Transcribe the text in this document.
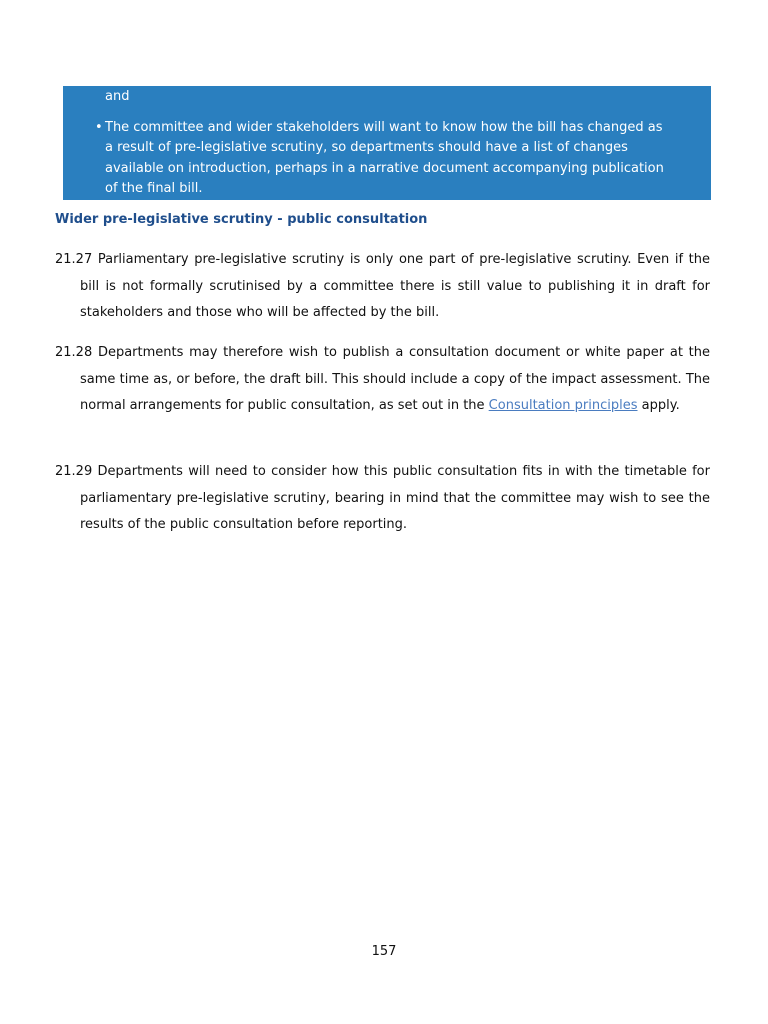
and
• The committee and wider stakeholders will want to know how the bill has changed as a result of pre-legislative scrutiny, so departments should have a list of changes available on introduction, perhaps in a narrative document accompanying publication of the final bill.
Wider pre-legislative scrutiny - public consultation
21.27 Parliamentary pre-legislative scrutiny is only one part of pre-legislative scrutiny. Even if the bill is not formally scrutinised by a committee there is still value to publishing it in draft for stakeholders and those who will be affected by the bill.
21.28 Departments may therefore wish to publish a consultation document or white paper at the same time as, or before, the draft bill. This should include a copy of the impact assessment. The normal arrangements for public consultation, as set out in the Consultation principles apply.
21.29 Departments will need to consider how this public consultation fits in with the timetable for parliamentary pre-legislative scrutiny, bearing in mind that the committee may wish to see the results of the public consultation before reporting.
157
